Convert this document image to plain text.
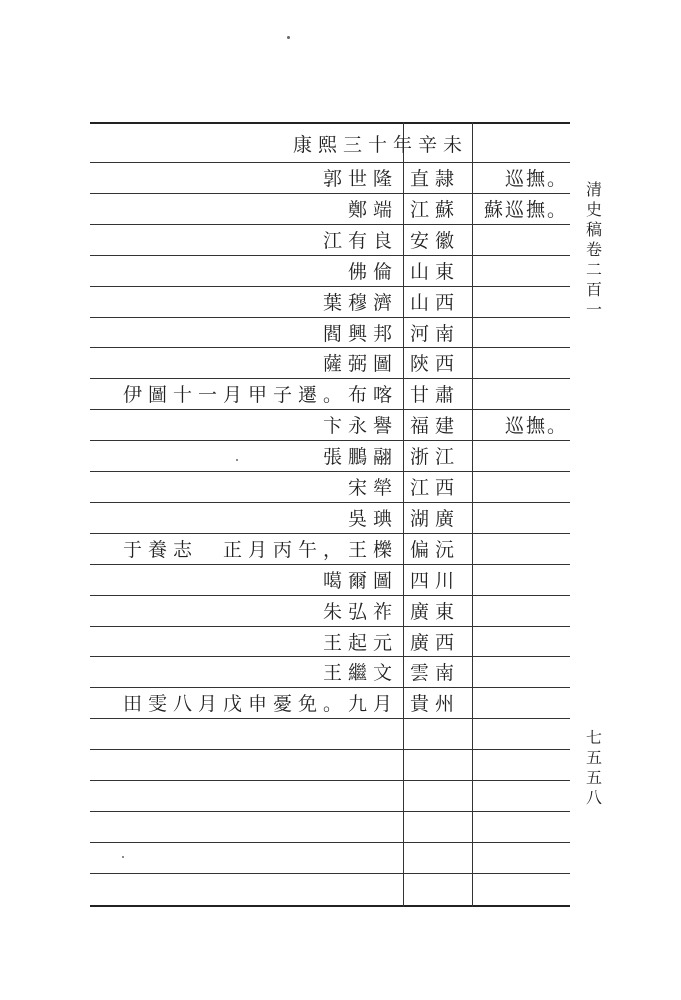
康熙三十年辛未
郭世隆 直隷	巡撫。
鄭端 江蘇	蘇巡撫。
江有良 安徽
佛倫 山東
葉穆濟 山西
閻興邦 河南
薩弼圖 陝西
伊圖十一月甲子遷。布喀 甘肅
卞永譽 福建	巡撫。
張鵬翮 浙江
宋犖 江西
吳琠 湖廣
于養志　正月丙午，王櫟 偏沅
噶爾圖 四川
朱弘祚 廣東
王起元 廣西
王繼文 雲南
田雯八月戊申憂免。九月 貴州
清史稿卷二百一
七五五八
